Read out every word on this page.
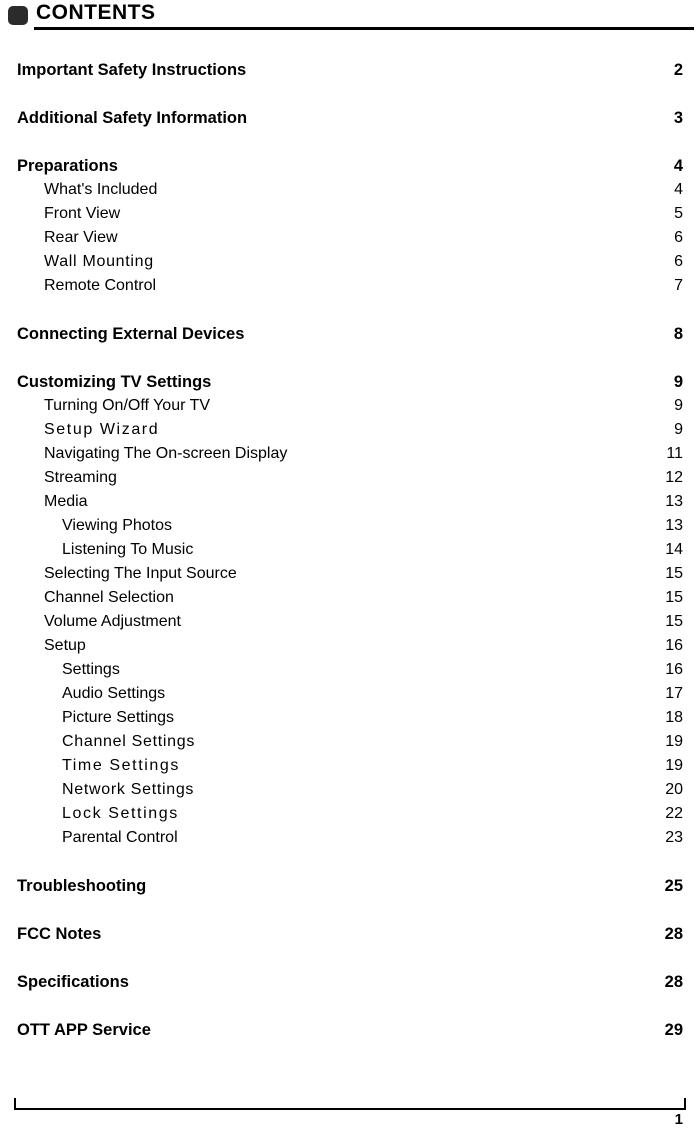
CONTENTS
Important Safety Instructions	2
Additional Safety Information	3
Preparations	4
What's Included	4
Front View	5
Rear View	6
Wall Mounting	6
Remote Control	7
Connecting External Devices	8
Customizing TV Settings	9
Turning On/Off Your TV	9
Setup Wizard	9
Navigating The On-screen Display	11
Streaming	12
Media	13
Viewing Photos	13
Listening To Music	14
Selecting The Input Source	15
Channel Selection	15
Volume Adjustment	15
Setup	16
Settings	16
Audio Settings	17
Picture Settings	18
Channel Settings	19
Time Settings	19
Network Settings	20
Lock Settings	22
Parental Control	23
Troubleshooting	25
FCC Notes	28
Specifications	28
OTT APP Service	29
1
